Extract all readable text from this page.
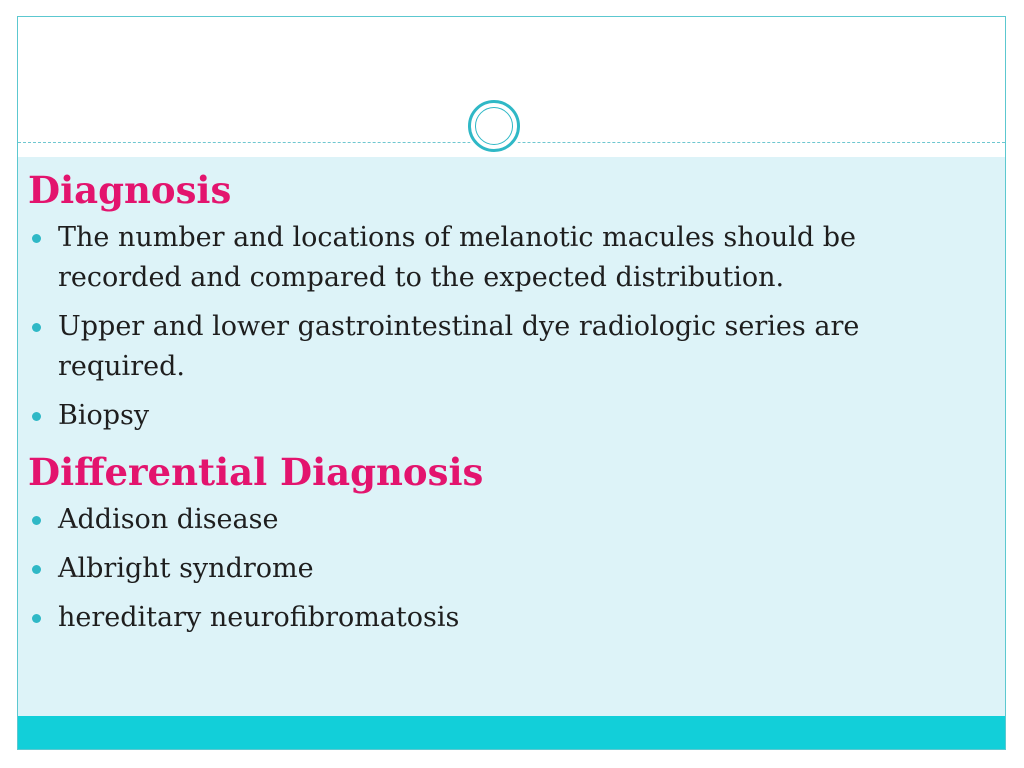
Diagnosis
The number and locations of melanotic macules should be recorded and compared to the expected distribution.
Upper and lower gastrointestinal dye radiologic series are required.
Biopsy
Differential Diagnosis
Addison disease
Albright syndrome
hereditary neurofibromatosis
